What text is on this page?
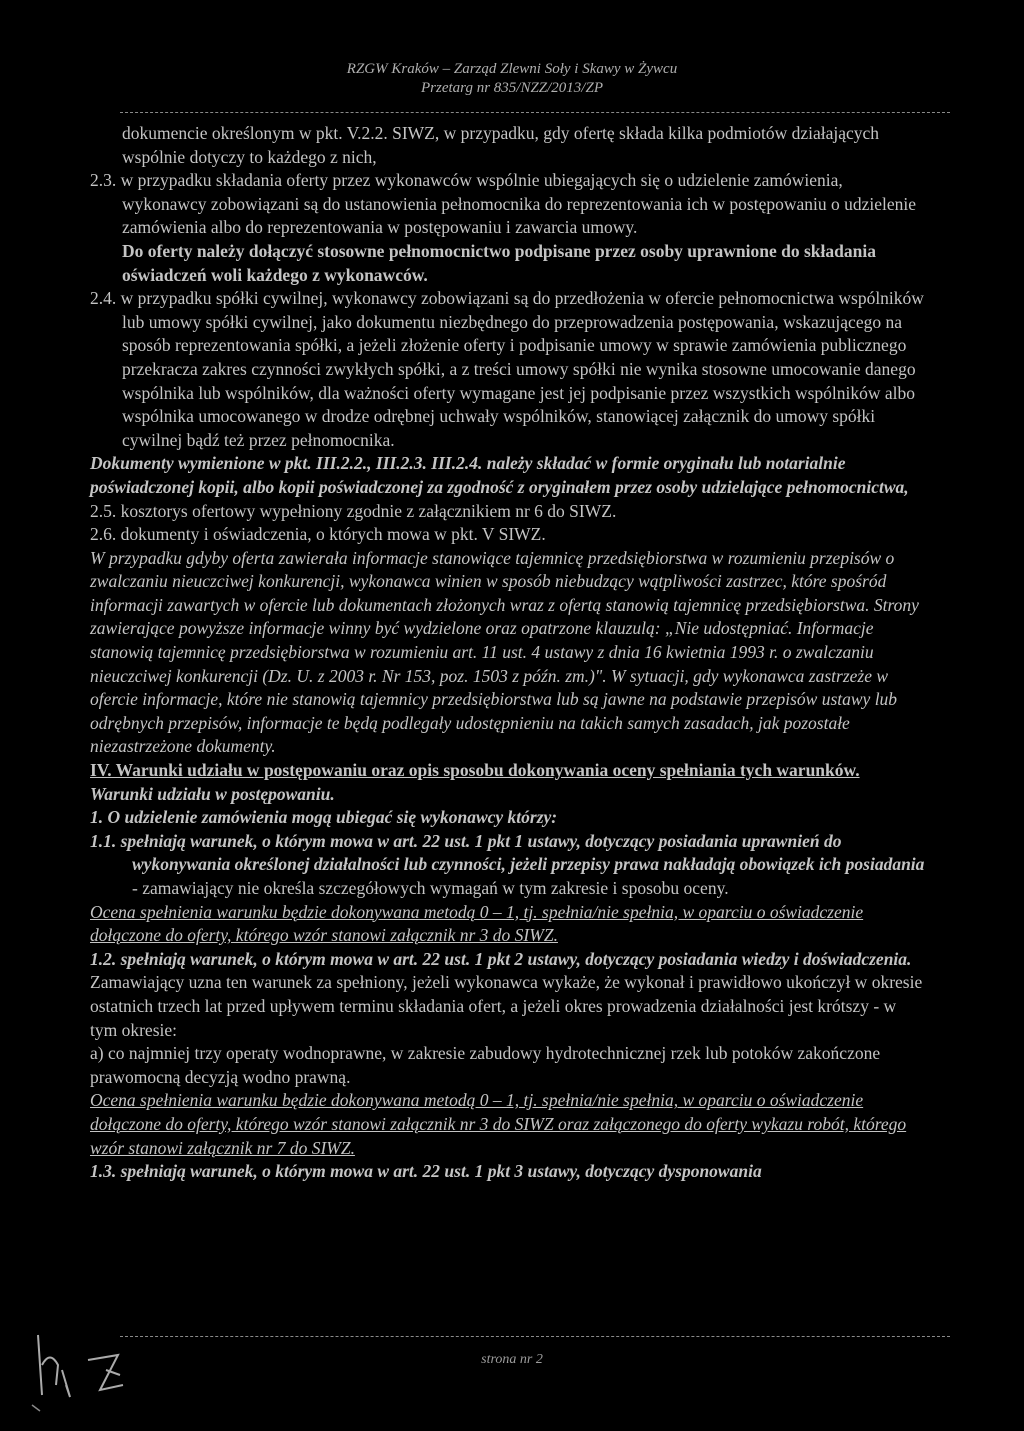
RZGW Kraków – Zarząd Zlewni Soły i Skawy w Żywcu
Przetarg nr 835/NZZ/2013/ZP

dokumencie określonym w pkt. V.2.2. SIWZ, w przypadku, gdy ofertę składa kilka podmiotów działających wspólnie dotyczy to każdego z nich,

2.3. w przypadku składania oferty przez wykonawców wspólnie ubiegających się o udzielenie zamówienia, wykonawcy zobowiązani są do ustanowienia pełnomocnika do reprezentowania ich w postępowaniu o udzielenie zamówienia albo do reprezentowania w postępowaniu i zawarcia umowy.

Do oferty należy dołączyć stosowne pełnomocnictwo podpisane przez osoby uprawnione do składania oświadczeń woli każdego z wykonawców.

2.4. w przypadku spółki cywilnej, wykonawcy zobowiązani są do przedłożenia w ofercie pełnomocnictwa wspólników lub umowy spółki cywilnej, jako dokumentu niezbędnego do przeprowadzenia postępowania, wskazującego na sposób reprezentowania spółki, a jeżeli złożenie oferty i podpisanie umowy w sprawie zamówienia publicznego przekracza zakres czynności zwykłych spółki, a z treści umowy spółki nie wynika stosowne umocowanie danego wspólnika lub wspólników, dla ważności oferty wymagane jest jej podpisanie przez wszystkich wspólników albo wspólnika umocowanego w drodze odrębnej uchwały wspólników, stanowiącej załącznik do umowy spółki cywilnej bądź też przez pełnomocnika.

Dokumenty wymienione w pkt. III.2.2., III.2.3. III.2.4. należy składać w formie oryginału lub notarialnie poświadczonej kopii, albo kopii poświadczonej za zgodność z oryginałem przez osoby udzielające pełnomocnictwa,

2.5. kosztorys ofertowy wypełniony zgodnie z załącznikiem nr 6 do SIWZ.

2.6. dokumenty i oświadczenia, o których mowa w pkt. V SIWZ.

W przypadku gdyby oferta zawierała informacje stanowiące tajemnicę przedsiębiorstwa w rozumieniu przepisów o zwalczaniu nieuczciwej konkurencji, wykonawca winien w sposób niebudzący wątpliwości zastrzec, które spośród informacji zawartych w ofercie lub dokumentach złożonych wraz z ofertą stanowią tajemnicę przedsiębiorstwa. Strony zawierające powyższe informacje winny być wydzielone oraz opatrzone klauzulą: „Nie udostępniać. Informacje stanowią tajemnicę przedsiębiorstwa w rozumieniu art. 11 ust. 4 ustawy z dnia 16 kwietnia 1993 r. o zwalczaniu nieuczciwej konkurencji (Dz. U. z 2003 r. Nr 153, poz. 1503 z późn. zm.)". W sytuacji, gdy wykonawca zastrzeże w ofercie informacje, które nie stanowią tajemnicy przedsiębiorstwa lub są jawne na podstawie przepisów ustawy lub odrębnych przepisów, informacje te będą podlegały udostępnieniu na takich samych zasadach, jak pozostałe niezastrzeżone dokumenty.

IV. Warunki udziału w postępowaniu oraz opis sposobu dokonywania oceny spełniania tych warunków.

Warunki udziału w postępowaniu.

1. O udzielenie zamówienia mogą ubiegać się wykonawcy którzy:

1.1. spełniają warunek, o którym mowa w art. 22 ust. 1 pkt 1 ustawy, dotyczący posiadania uprawnień do wykonywania określonej działalności lub czynności, jeżeli przepisy prawa nakładają obowiązek ich posiadania - zamawiający nie określa szczegółowych wymagań w tym zakresie i sposobu oceny.

Ocena spełnienia warunku będzie dokonywana metodą 0 – 1, tj. spełnia/nie spełnia, w oparciu o oświadczenie dołączone do oferty, którego wzór stanowi załącznik nr 3 do SIWZ.

1.2. spełniają warunek, o którym mowa w art. 22 ust. 1 pkt 2 ustawy, dotyczący posiadania wiedzy i doświadczenia.

Zamawiający uzna ten warunek za spełniony, jeżeli wykonawca wykaże, że wykonał i prawidłowo ukończył w okresie ostatnich trzech lat przed upływem terminu składania ofert, a jeżeli okres prowadzenia działalności jest krótszy - w tym okresie:

a) co najmniej trzy operaty wodnoprawne, w zakresie zabudowy hydrotechnicznej rzek lub potoków zakończone prawomocną decyzją wodno prawną.

Ocena spełnienia warunku będzie dokonywana metodą 0 – 1, tj. spełnia/nie spełnia, w oparciu o oświadczenie dołączone do oferty, którego wzór stanowi załącznik nr 3 do SIWZ oraz załączonego do oferty wykazu robót, którego wzór stanowi załącznik nr 7 do SIWZ.

1.3. spełniają warunek, o którym mowa w art. 22 ust. 1 pkt 3 ustawy, dotyczący dysponowania

strona nr 2
